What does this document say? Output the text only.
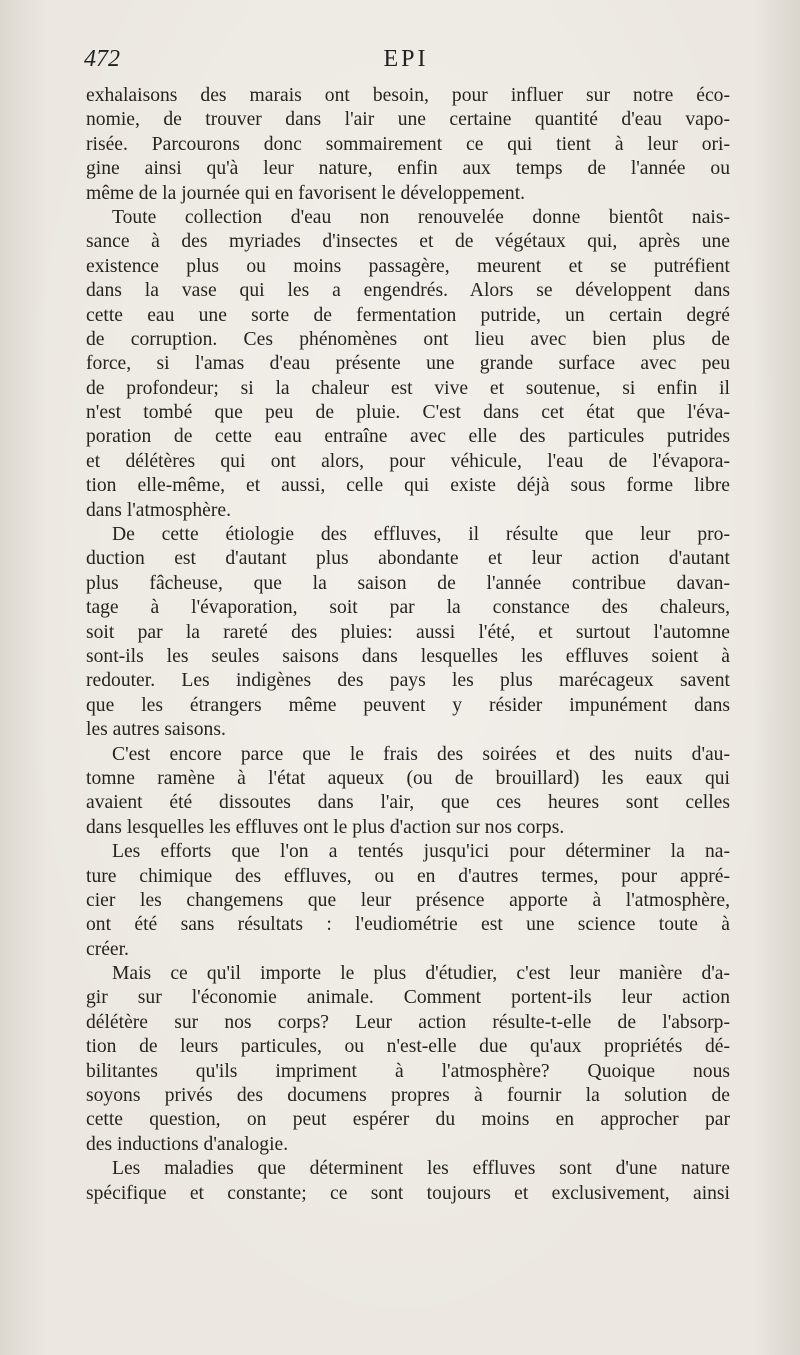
472	EPI
exhalaisons des marais ont besoin, pour influer sur notre éco-
nomie, de trouver dans l'air une certaine quantité d'eau vapo-
risée. Parcourons donc sommairement ce qui tient à leur ori-
gine ainsi qu'à leur nature, enfin aux temps de l'année ou
même de la journée qui en favorisent le développement.
Toute collection d'eau non renouvelée donne bientôt nais-
sance à des myriades d'insectes et de végétaux qui, après une
existence plus ou moins passagère, meurent et se putréfient
dans la vase qui les a engendrés. Alors se développent dans
cette eau une sorte de fermentation putride, un certain degré
de corruption. Ces phénomènes ont lieu avec bien plus de
force, si l'amas d'eau présente une grande surface avec peu
de profondeur; si la chaleur est vive et soutenue, si enfin il
n'est tombé que peu de pluie. C'est dans cet état que l'éva-
poration de cette eau entraîne avec elle des particules putrides
et délétères qui ont alors, pour véhicule, l'eau de l'évapora-
tion elle-même, et aussi, celle qui existe déjà sous forme libre
dans l'atmosphère.
De cette étiologie des effluves, il résulte que leur pro-
duction est d'autant plus abondante et leur action d'autant
plus fâcheuse, que la saison de l'année contribue davan-
tage à l'évaporation, soit par la constance des chaleurs,
soit par la rareté des pluies: aussi l'été, et surtout l'automne
sont-ils les seules saisons dans lesquelles les effluves soient à
redouter. Les indigènes des pays les plus marécageux savent
que les étrangers même peuvent y résider impunément dans
les autres saisons.
C'est encore parce que le frais des soirées et des nuits d'au-
tomne ramène à l'état aqueux (ou de brouillard) les eaux qui
avaient été dissoutes dans l'air, que ces heures sont celles
dans lesquelles les effluves ont le plus d'action sur nos corps.
Les efforts que l'on a tentés jusqu'ici pour déterminer la na-
ture chimique des effluves, ou en d'autres termes, pour appré-
cier les changemens que leur présence apporte à l'atmosphère,
ont été sans résultats : l'eudiométrie est une science toute à
créer.
Mais ce qu'il importe le plus d'étudier, c'est leur manière d'a-
gir sur l'économie animale. Comment portent-ils leur action
délétère sur nos corps? Leur action résulte-t-elle de l'absorp-
tion de leurs particules, ou n'est-elle due qu'aux propriétés dé-
bilitantes qu'ils impriment à l'atmosphère? Quoique nous
soyons privés des documens propres à fournir la solution de
cette question, on peut espérer du moins en approcher par
des inductions d'analogie.
Les maladies que déterminent les effluves sont d'une nature
spécifique et constante; ce sont toujours et exclusivement, ainsi
